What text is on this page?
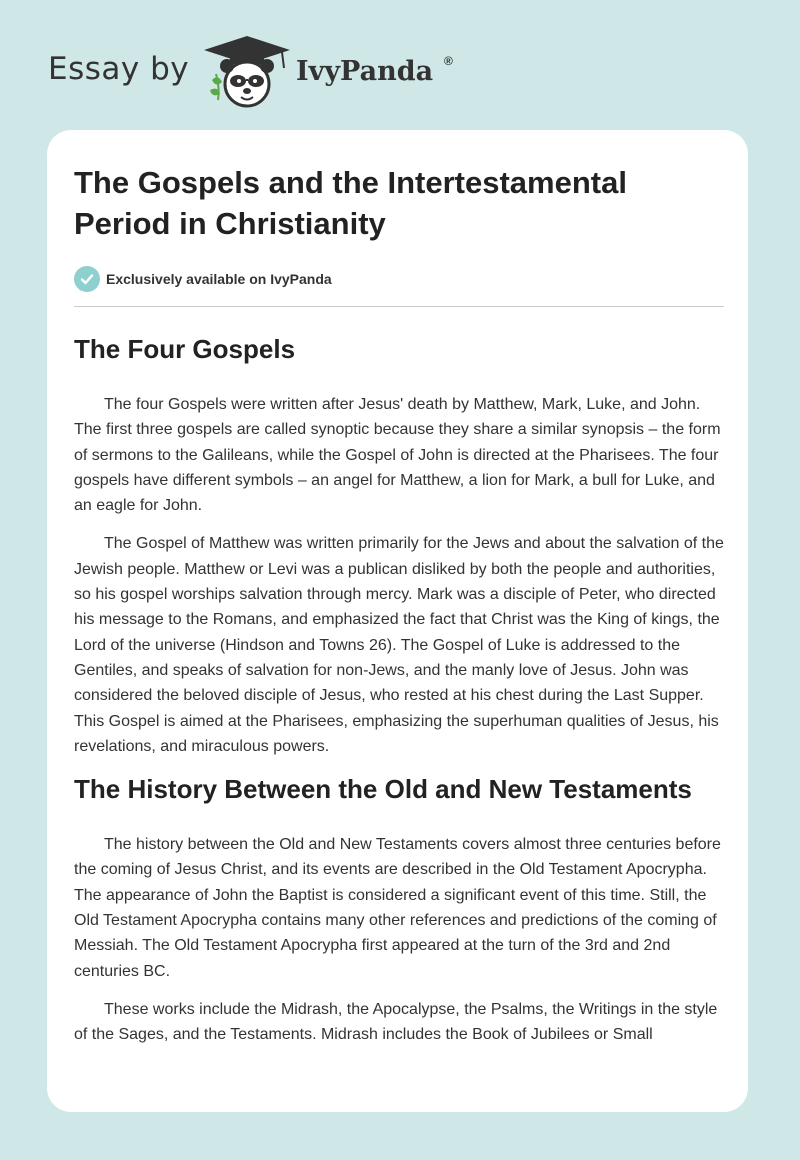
Essay by	IvyPanda ®
The Gospels and the Intertestamental Period in Christianity
Exclusively available on IvyPanda
The Four Gospels

The four Gospels were written after Jesus' death by Matthew, Mark, Luke, and John. The first three gospels are called synoptic because they share a similar synopsis – the form of sermons to the Galileans, while the Gospel of John is directed at the Pharisees. The four gospels have different symbols – an angel for Matthew, a lion for Mark, a bull for Luke, and an eagle for John.

The Gospel of Matthew was written primarily for the Jews and about the salvation of the Jewish people. Matthew or Levi was a publican disliked by both the people and authorities, so his gospel worships salvation through mercy. Mark was a disciple of Peter, who directed his message to the Romans, and emphasized the fact that Christ was the King of kings, the Lord of the universe (Hindson and Towns 26). The Gospel of Luke is addressed to the Gentiles, and speaks of salvation for non-Jews, and the manly love of Jesus. John was considered the beloved disciple of Jesus, who rested at his chest during the Last Supper. This Gospel is aimed at the Pharisees, emphasizing the superhuman qualities of Jesus, his revelations, and miraculous powers.

The History Between the Old and New Testaments

The history between the Old and New Testaments covers almost three centuries before the coming of Jesus Christ, and its events are described in the Old Testament Apocrypha. The appearance of John the Baptist is considered a significant event of this time. Still, the Old Testament Apocrypha contains many other references and predictions of the coming of Messiah. The Old Testament Apocrypha first appeared at the turn of the 3rd and 2nd centuries BC.

These works include the Midrash, the Apocalypse, the Psalms, the Writings in the style of the Sages, and the Testaments. Midrash includes the Book of Jubilees or Small
